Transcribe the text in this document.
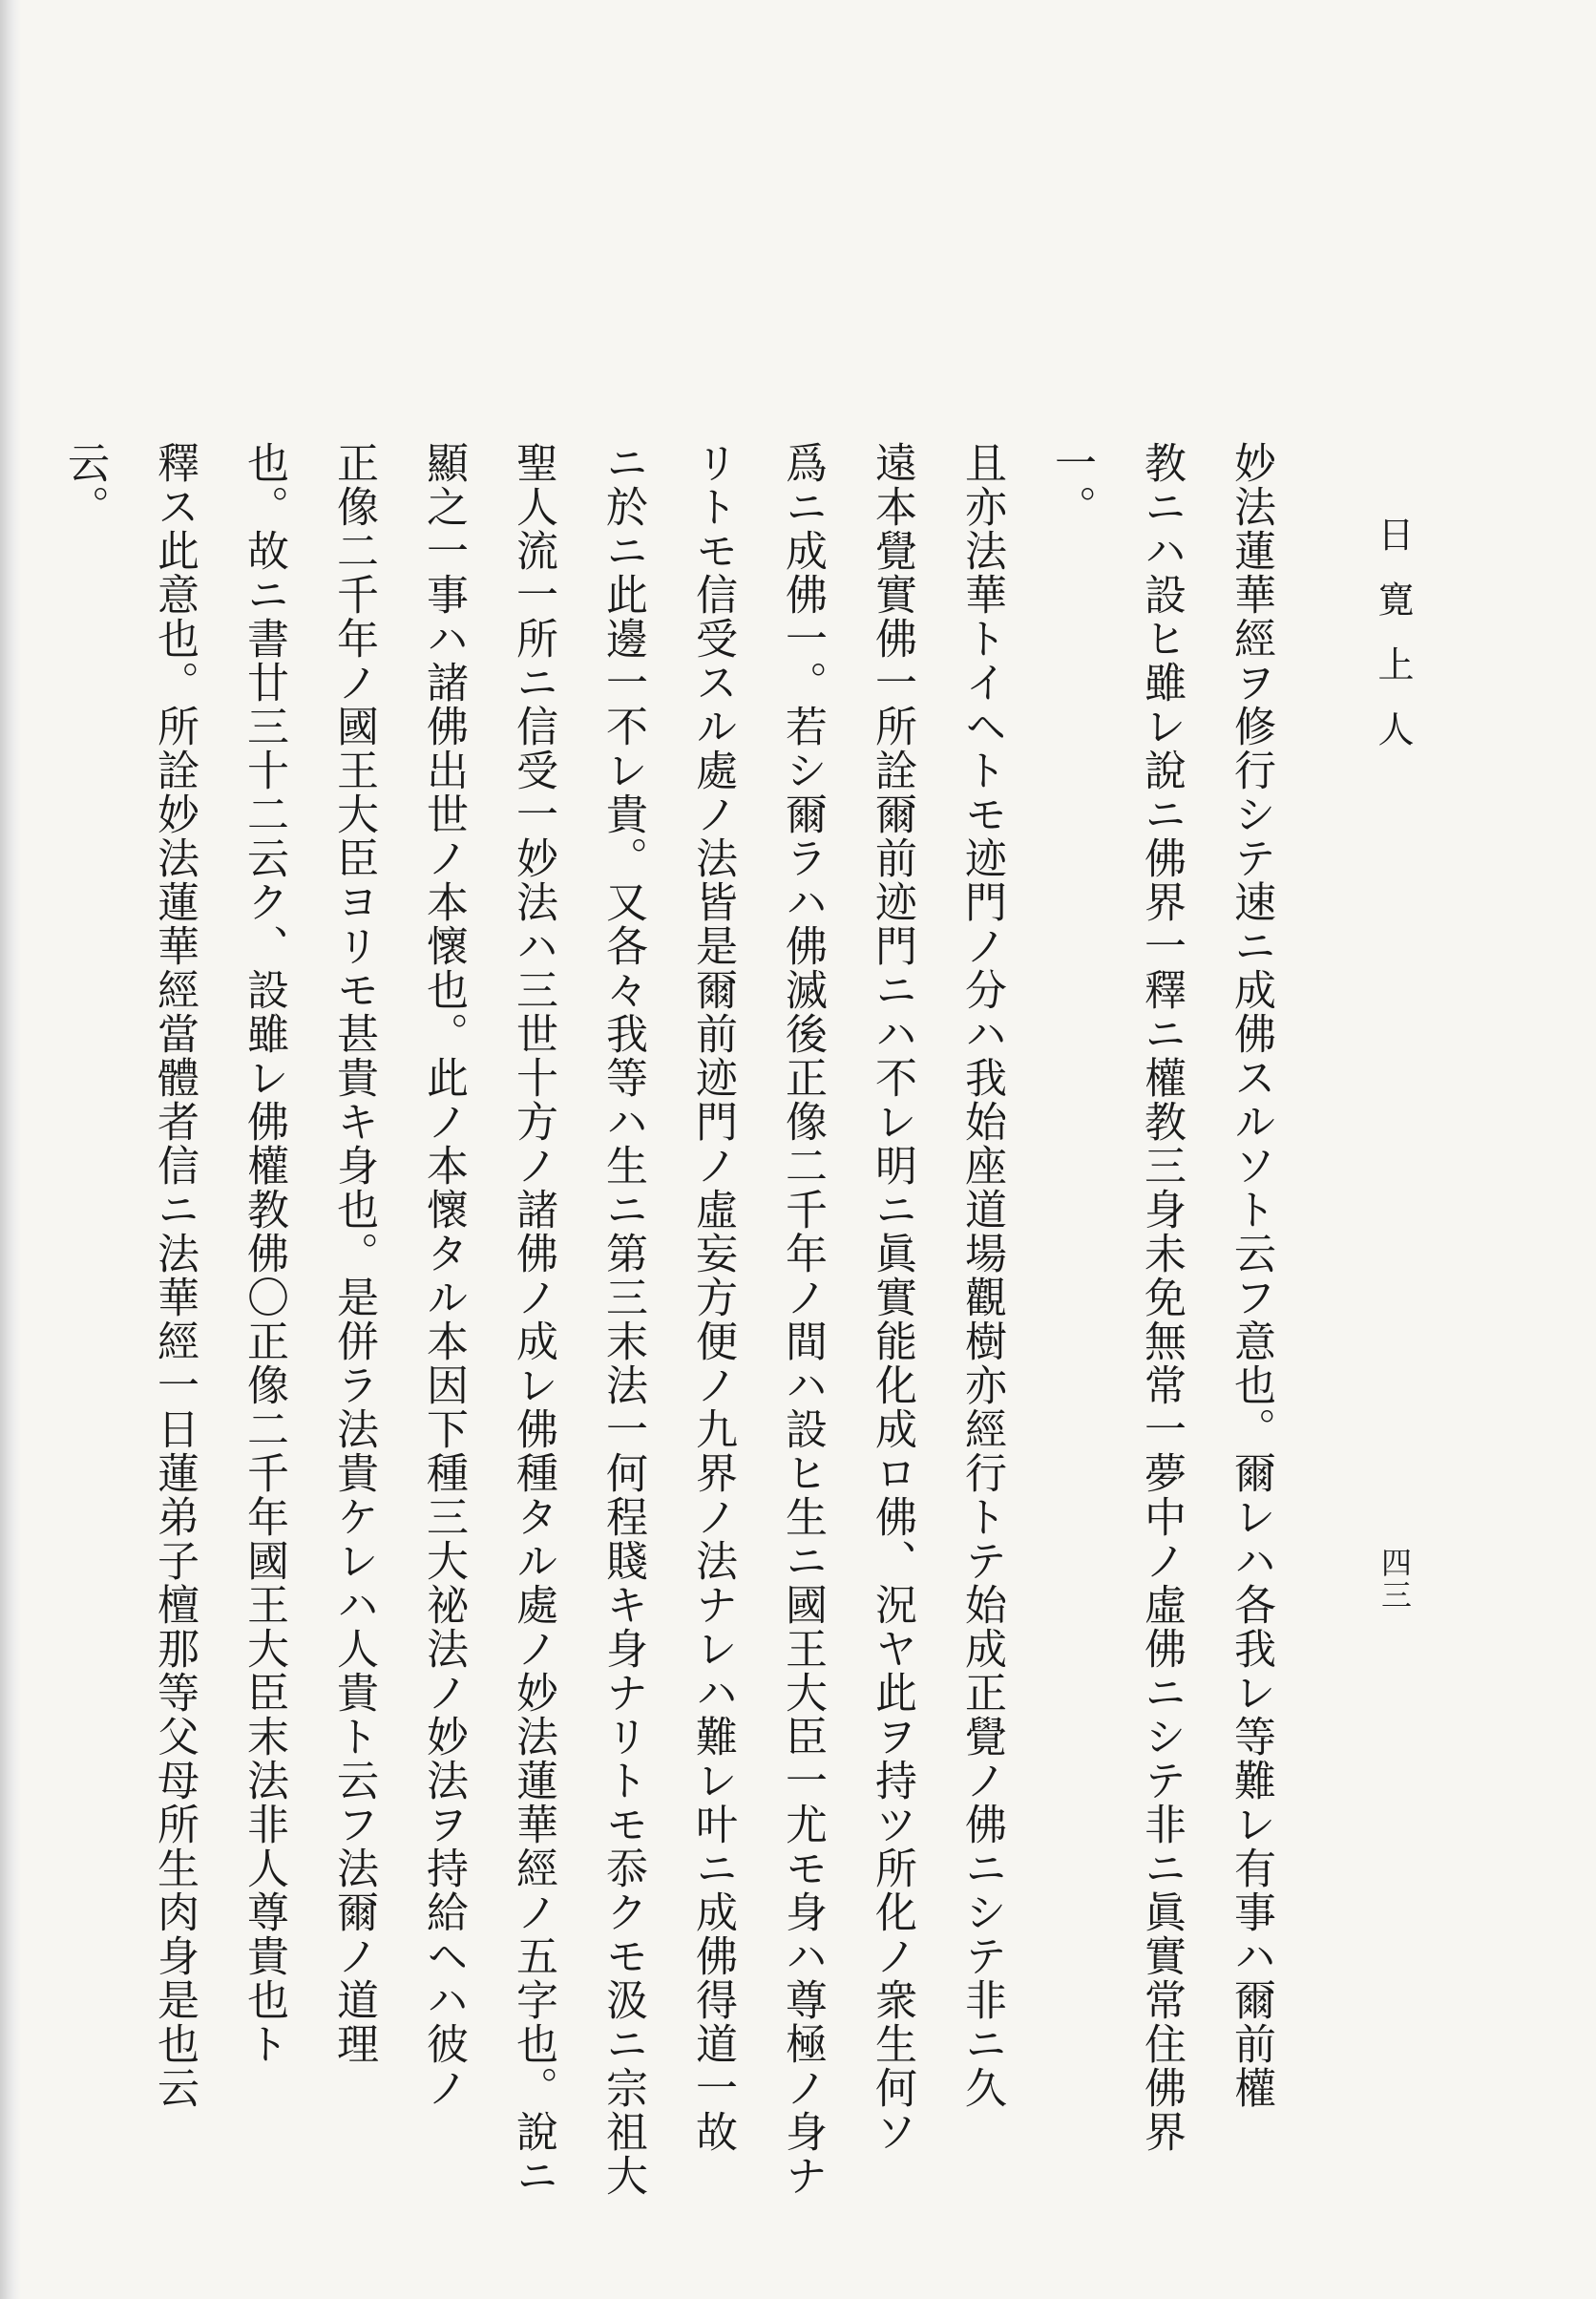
日寛上人
四三
妙法蓮華經ヲ修行シテ速ニ成佛スルソト云フ意也。爾レハ各我レ等難レ有事ハ爾前權
教ニハ設ヒ雖レ說ニ佛界一釋ニ權教三身未免無常一夢中ノ虛佛ニシテ非ニ眞實常住佛界一。
且亦法華トイヘトモ迹門ノ分ハ我始座道場觀樹亦經行トテ始成正覺ノ佛ニシテ非ニ久
遠本覺實佛一所詮爾前迹門ニハ不レ明ニ眞實能化成ロ佛、況ヤ此ヲ持ツ所化ノ衆生何ソ
爲ニ成佛一。若シ爾ラハ佛滅後正像二千年ノ間ハ設ヒ生ニ國王大臣一尤モ身ハ尊極ノ身ナ
リトモ信受スル處ノ法皆是爾前迹門ノ虛妄方便ノ九界ノ法ナレハ難レ叶ニ成佛得道一故
ニ於ニ此邊一不レ貴。又各々我等ハ生ニ第三末法一何程賤キ身ナリトモ忝クモ汲ニ宗祖大
聖人流一所ニ信受一妙法ハ三世十方ノ諸佛ノ成レ佛種タル處ノ妙法蓮華經ノ五字也。說ニ
顯之一事ハ諸佛出世ノ本懷也。此ノ本懷タル本因下種三大祕法ノ妙法ヲ持給ヘハ彼ノ
正像二千年ノ國王大臣ヨリモ甚貴キ身也。是併ラ法貴ケレハ人貴ト云フ法爾ノ道理
也。故ニ書廿三十二云ク、設雖レ佛權教佛〇正像二千年國王大臣末法非人尊貴也ト
釋ス此意也。所詮妙法蓮華經當體者信ニ法華經一日蓮弟子檀那等父母所生肉身是也云
云。
